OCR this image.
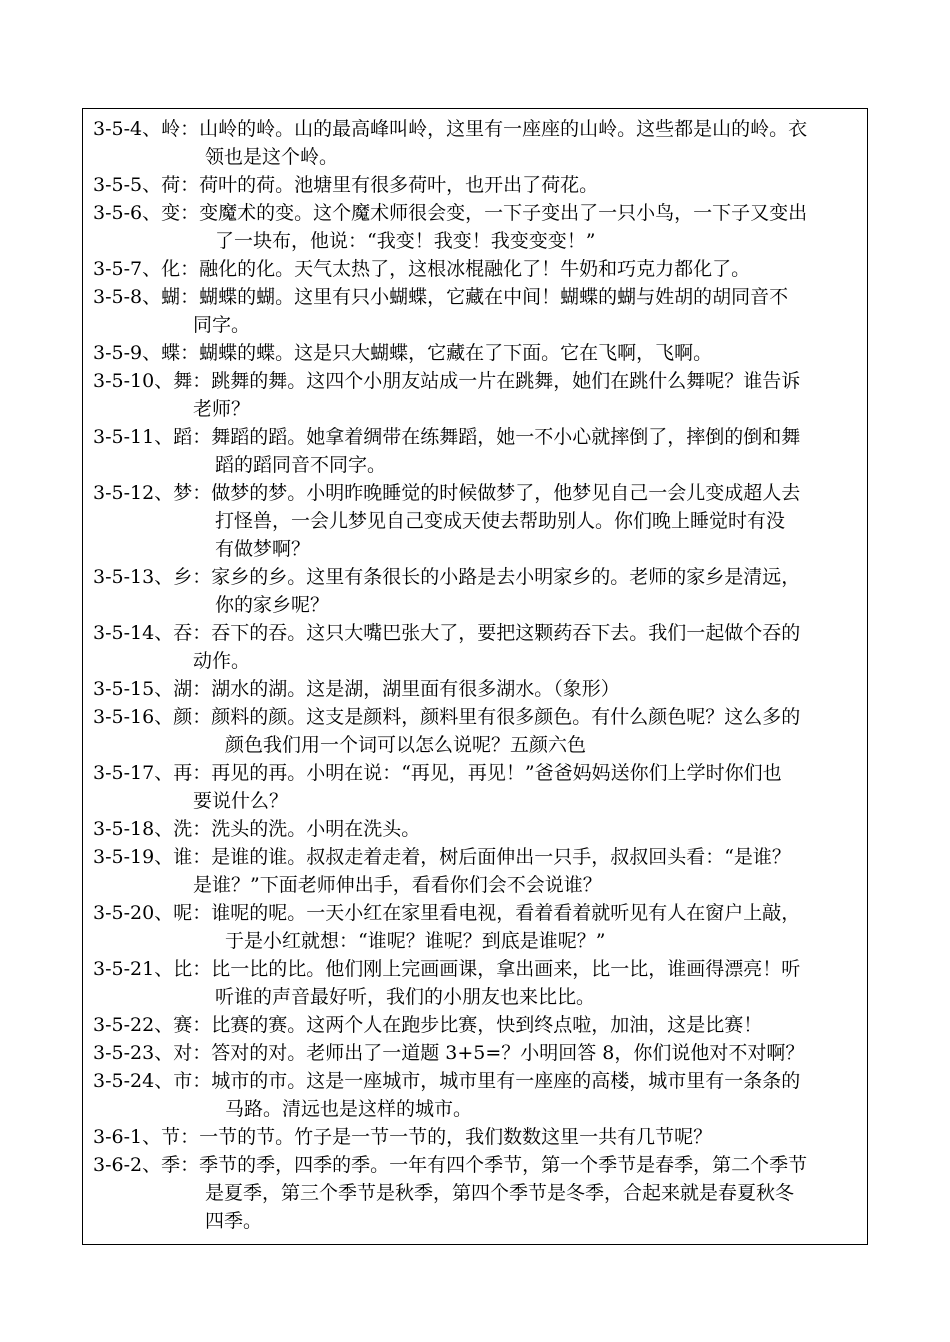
3-5-4、岭：山岭的岭。山的最高峰叫岭，这里有一座座的山岭。这些都是山的岭。衣
领也是这个岭。
3-5-5、荷：荷叶的荷。池塘里有很多荷叶，也开出了荷花。
3-5-6、变：变魔术的变。这个魔术师很会变，一下子变出了一只小鸟，一下子又变出
了一块布，他说：“我变！我变！我变变变！”
3-5-7、化：融化的化。天气太热了，这根冰棍融化了！牛奶和巧克力都化了。
3-5-8、蝴：蝴蝶的蝴。这里有只小蝴蝶，它藏在中间！蝴蝶的蝴与姓胡的胡同音不
同字。
3-5-9、蝶：蝴蝶的蝶。这是只大蝴蝶，它藏在了下面。它在飞啊，飞啊。
3-5-10、舞：跳舞的舞。这四个小朋友站成一片在跳舞，她们在跳什么舞呢？谁告诉
老师？
3-5-11、蹈：舞蹈的蹈。她拿着绸带在练舞蹈，她一不小心就摔倒了，摔倒的倒和舞
蹈的蹈同音不同字。
3-5-12、梦：做梦的梦。小明昨晚睡觉的时候做梦了，他梦见自己一会儿变成超人去
打怪兽，一会儿梦见自己变成天使去帮助别人。你们晚上睡觉时有没
有做梦啊？
3-5-13、乡：家乡的乡。这里有条很长的小路是去小明家乡的。老师的家乡是清远，
你的家乡呢？
3-5-14、吞：吞下的吞。这只大嘴巴张大了，要把这颗药吞下去。我们一起做个吞的
动作。
3-5-15、湖：湖水的湖。这是湖，湖里面有很多湖水。（象形）
3-5-16、颜：颜料的颜。这支是颜料，颜料里有很多颜色。有什么颜色呢？这么多的
颜色我们用一个词可以怎么说呢？五颜六色
3-5-17、再：再见的再。小明在说：“再见，再见！”爸爸妈妈送你们上学时你们也
要说什么？
3-5-18、洗：洗头的洗。小明在洗头。
3-5-19、谁：是谁的谁。叔叔走着走着，树后面伸出一只手，叔叔回头看：“是谁？
是谁？”下面老师伸出手，看看你们会不会说谁？
3-5-20、呢：谁呢的呢。一天小红在家里看电视，看着看着就听见有人在窗户上敲，
于是小红就想：“谁呢？谁呢？到底是谁呢？”
3-5-21、比：比一比的比。他们刚上完画画课，拿出画来，比一比，谁画得漂亮！听
听谁的声音最好听，我们的小朋友也来比比。
3-5-22、赛：比赛的赛。这两个人在跑步比赛，快到终点啦，加油，这是比赛！
3-5-23、对：答对的对。老师出了一道题 3+5=？小明回答 8，你们说他对不对啊？
3-5-24、市：城市的市。这是一座城市，城市里有一座座的高楼，城市里有一条条的
马路。清远也是这样的城市。
3-6-1、节：一节的节。竹子是一节一节的，我们数数这里一共有几节呢？
3-6-2、季：季节的季，四季的季。一年有四个季节，第一个季节是春季，第二个季节
是夏季，第三个季节是秋季，第四个季节是冬季，合起来就是春夏秋冬
四季。
